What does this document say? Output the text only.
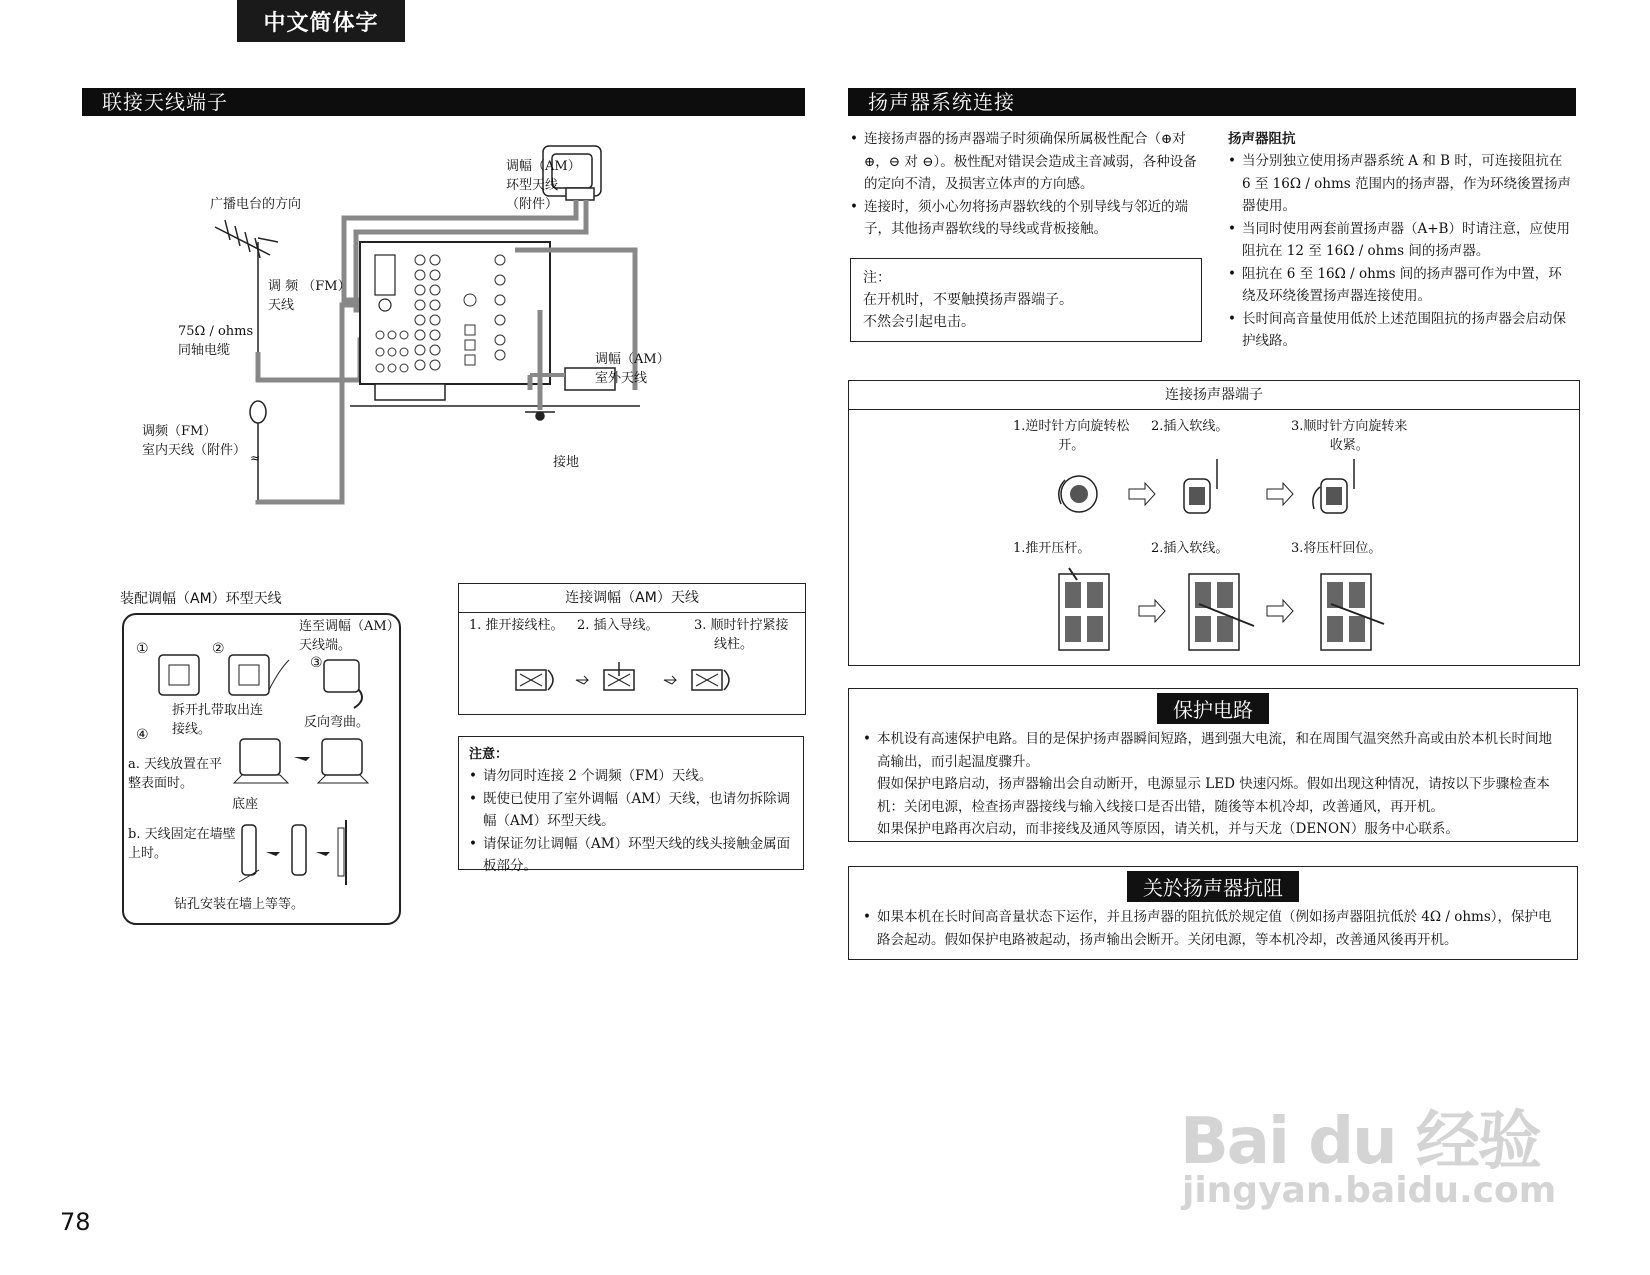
中文简体字
联接天线端子
≈
广播电台的方向
调幅（AM）
环型天线
（附件）
调 频 （FM）
天线
75Ω / ohms
同轴电缆
调幅（AM）
室外天线
调频（FM）
室内天线（附件）
接地
装配调幅（AM）环型天线
连至调幅（AM）
天线端。
①	②
③
④
拆开扎带取出连
接线。	反向弯曲。
a. 天线放置在平
整表面时。
底座
b. 天线固定在墙壁
上时。
钻孔安装在墙上等等。
连接调幅（AM）天线
1. 推开接线柱。 2. 插入导线。	3. 顺时针拧紧接
线柱。
注意：
• 请勿同时连接 2 个调频（FM）天线。
• 既使已使用了室外调幅（AM）天线，也请勿拆除调幅（AM）环型天线。
• 请保证勿让调幅（AM）环型天线的线头接触金属面板部分。
扬声器系统连接
• 连接扬声器的扬声器端子时须确保所属极性配合（⊕对 ⊕，⊖ 对 ⊖）。极性配对错误会造成主音减弱，各种设备的定向不清，及损害立体声的方向感。
• 连接时，须小心勿将扬声器软线的个别导线与邻近的端子，其他扬声器软线的导线或背板接触。
扬声器阻抗
• 当分别独立使用扬声器系统 A 和 B 时，可连接阻抗在 6 至 16Ω / ohms 范围内的扬声器，作为环绕後置扬声器使用。
• 当同时使用两套前置扬声器（A+B）时请注意，应使用阻抗在 12 至 16Ω / ohms 间的扬声器。
• 阻抗在 6 至 16Ω / ohms 间的扬声器可作为中置，环绕及环绕後置扬声器连接使用。
• 长时间高音量使用低於上述范围阻抗的扬声器会启动保护线路。
注：
在开机时，不要触摸扬声器端子。
不然会引起电击。
连接扬声器端子
1.逆时针方向旋转松
开。
2.插入软线。	3.顺时针方向旋转来
收紧。
1.推开压杆。	2.插入软线。	3.将压杆回位。
保护电路
• 本机设有高速保护电路。目的是保护扬声器瞬间短路，遇到强大电流，和在周围气温突然升高或由於本机长时间地高输出，而引起温度骤升。
假如保护电路启动，扬声器输出会自动断开，电源显示 LED 快速闪烁。假如出现这种情况，请按以下步骤检查本机：关闭电源，检查扬声器接线与输入线接口是否出错，随後等本机冷却，改善通风，再开机。
如果保护电路再次启动，而非接线及通风等原因，请关机，并与天龙（DENON）服务中心联系。
关於扬声器抗阻
• 如果本机在长时间高音量状态下运作，并且扬声器的阻抗低於规定值（例如扬声器阻抗低於 4Ω / ohms），保护电路会起动。假如保护电路被起动，扬声输出会断开。关闭电源，等本机冷却，改善通风後再开机。
78
Bai du 经验
jingyan.baidu.com
